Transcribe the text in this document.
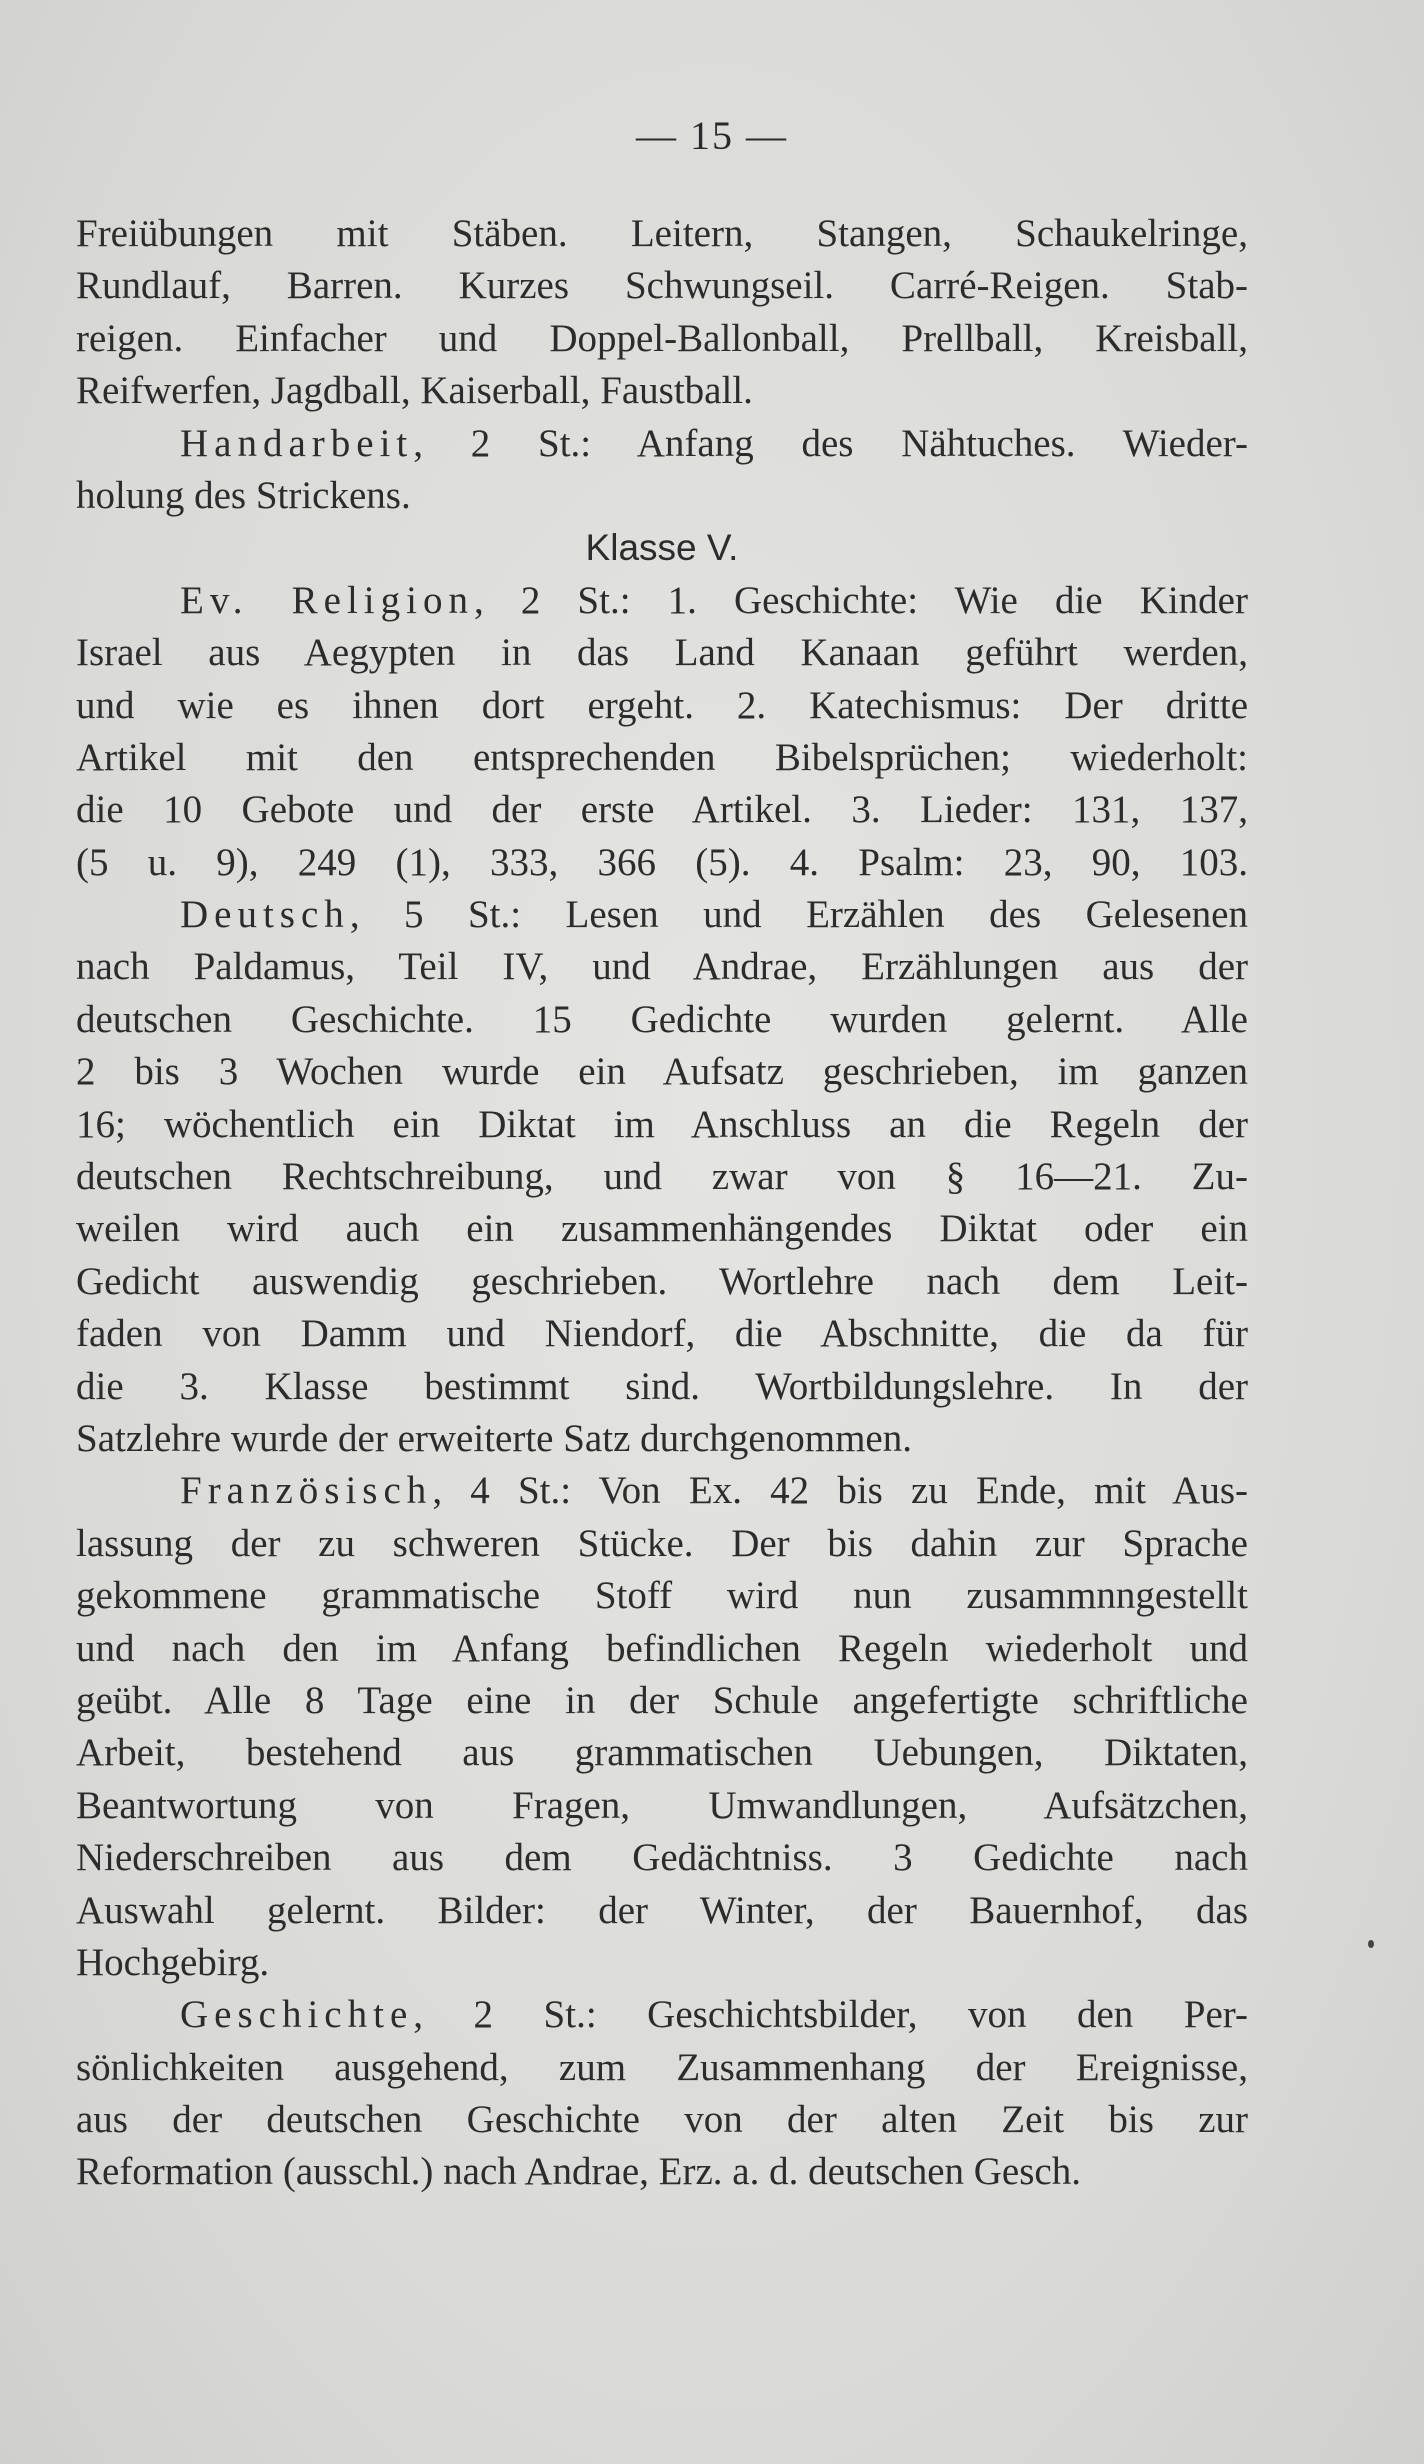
— 15 —
Freiübungen mit Stäben. Leitern, Stangen, Schaukelringe,
Rundlauf, Barren. Kurzes Schwungseil. Carré-Reigen. Stab-
reigen. Einfacher und Doppel-Ballonball, Prellball, Kreisball,
Reifwerfen, Jagdball, Kaiserball, Faustball.
Handarbeit, 2 St.: Anfang des Nähtuches. Wieder-
holung des Strickens.
Klasse V.
Ev. Religion, 2 St.: 1. Geschichte: Wie die Kinder
Israel aus Aegypten in das Land Kanaan geführt werden,
und wie es ihnen dort ergeht. 2. Katechismus: Der dritte
Artikel mit den entsprechenden Bibelsprüchen; wiederholt:
die 10 Gebote und der erste Artikel. 3. Lieder: 131, 137,
(5 u. 9), 249 (1), 333, 366 (5). 4. Psalm: 23, 90, 103.
Deutsch, 5 St.: Lesen und Erzählen des Gelesenen
nach Paldamus, Teil IV, und Andrae, Erzählungen aus der
deutschen Geschichte. 15 Gedichte wurden gelernt. Alle
2 bis 3 Wochen wurde ein Aufsatz geschrieben, im ganzen
16; wöchentlich ein Diktat im Anschluss an die Regeln der
deutschen Rechtschreibung, und zwar von § 16—21. Zu-
weilen wird auch ein zusammenhängendes Diktat oder ein
Gedicht auswendig geschrieben. Wortlehre nach dem Leit-
faden von Damm und Niendorf, die Abschnitte, die da für
die 3. Klasse bestimmt sind. Wortbildungslehre. In der
Satzlehre wurde der erweiterte Satz durchgenommen.
Französisch, 4 St.: Von Ex. 42 bis zu Ende, mit Aus-
lassung der zu schweren Stücke. Der bis dahin zur Sprache
gekommene grammatische Stoff wird nun zusammnngestellt
und nach den im Anfang befindlichen Regeln wiederholt und
geübt. Alle 8 Tage eine in der Schule angefertigte schriftliche
Arbeit, bestehend aus grammatischen Uebungen, Diktaten,
Beantwortung von Fragen, Umwandlungen, Aufsätzchen,
Niederschreiben aus dem Gedächtniss. 3 Gedichte nach
Auswahl gelernt. Bilder: der Winter, der Bauernhof, das
Hochgebirg.
Geschichte, 2 St.: Geschichtsbilder, von den Per-
sönlichkeiten ausgehend, zum Zusammenhang der Ereignisse,
aus der deutschen Geschichte von der alten Zeit bis zur
Reformation (ausschl.) nach Andrae, Erz. a. d. deutschen Gesch.
